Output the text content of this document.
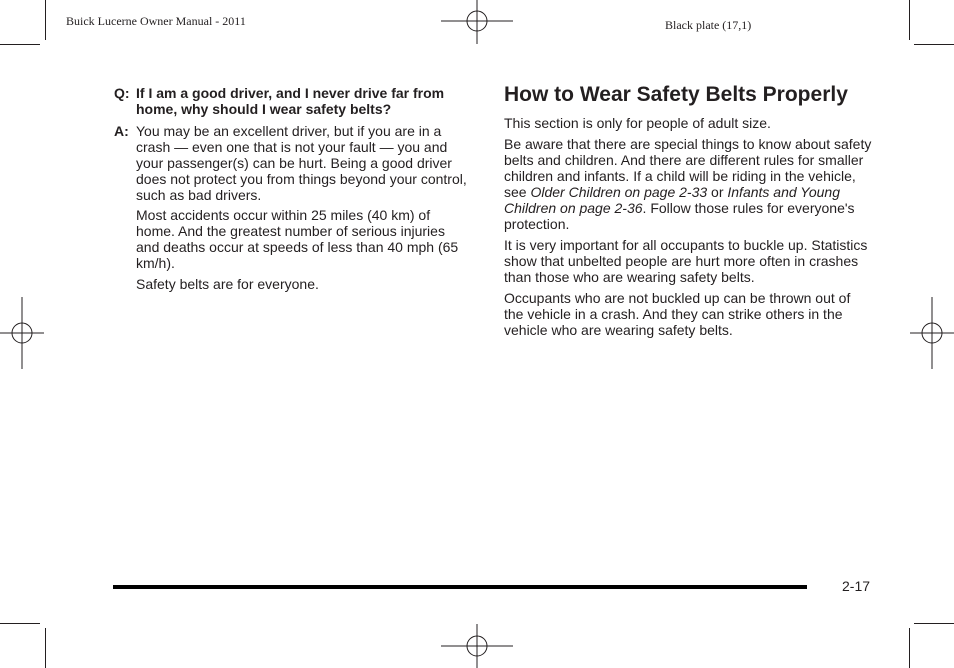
Buick Lucerne Owner Manual - 2011	Black plate (17,1)
Q: If I am a good driver, and I never drive far from home, why should I wear safety belts?
A: You may be an excellent driver, but if you are in a crash — even one that is not your fault — you and your passenger(s) can be hurt. Being a good driver does not protect you from things beyond your control, such as bad drivers.

Most accidents occur within 25 miles (40 km) of home. And the greatest number of serious injuries and deaths occur at speeds of less than 40 mph (65 km/h).

Safety belts are for everyone.

How to Wear Safety Belts Properly

This section is only for people of adult size.

Be aware that there are special things to know about safety belts and children. And there are different rules for smaller children and infants. If a child will be riding in the vehicle, see Older Children on page 2‑33 or Infants and Young Children on page 2‑36. Follow those rules for everyone's protection.

It is very important for all occupants to buckle up. Statistics show that unbelted people are hurt more often in crashes than those who are wearing safety belts.

Occupants who are not buckled up can be thrown out of the vehicle in a crash. And they can strike others in the vehicle who are wearing safety belts.

2-17
